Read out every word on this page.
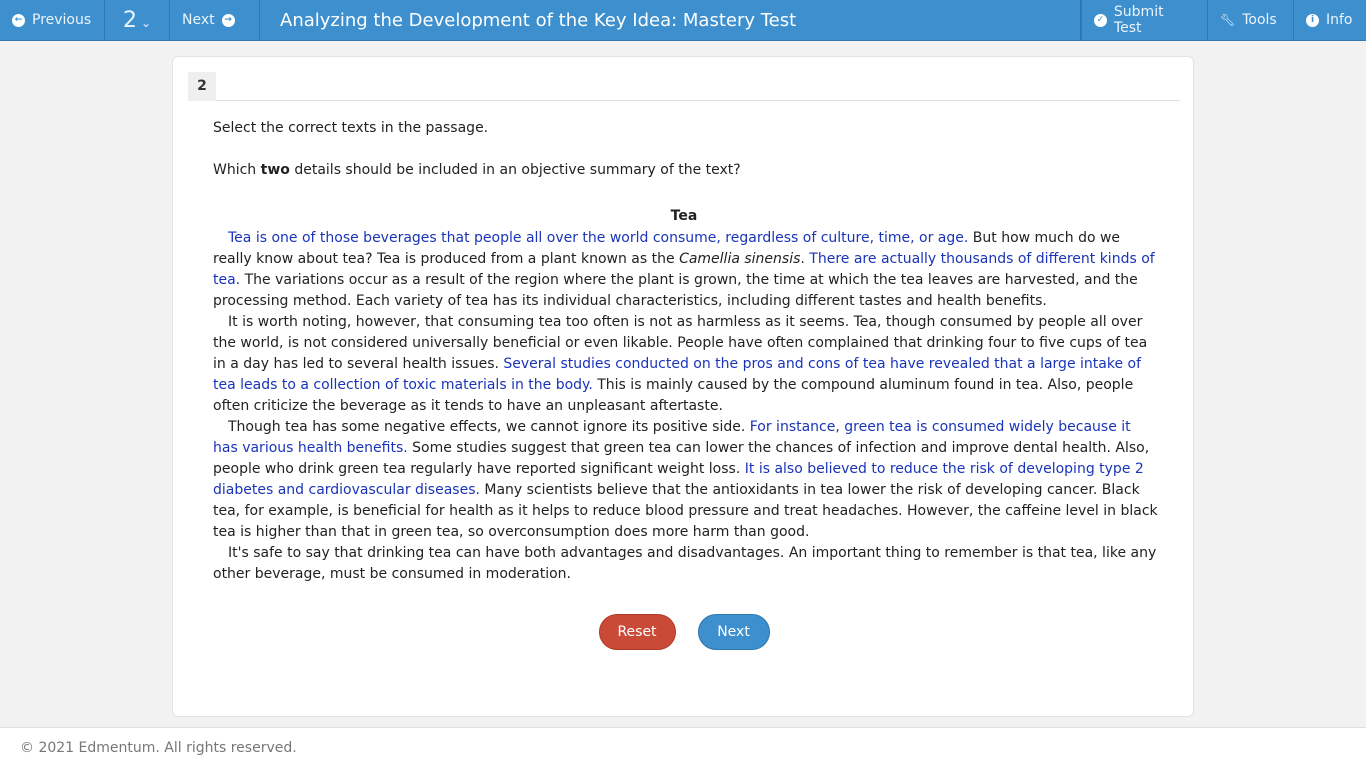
← Previous 2 ⌄ Next	→	Analyzing the Development of the Key Idea: Mastery Test	✓ Submit Test	🔧︎ Tools	i Info
2
Select the correct texts in the passage.
Which two details should be included in an objective summary of the text?
Tea

Tea is one of those beverages that people all over the world consume, regardless of culture, time, or age. But how much do we really know about tea? Tea is produced from a plant known as the Camellia sinensis. There are actually thousands of different kinds of tea. The variations occur as a result of the region where the plant is grown, the time at which the tea leaves are harvested, and the processing method. Each variety of tea has its individual characteristics, including different tastes and health benefits.

It is worth noting, however, that consuming tea too often is not as harmless as it seems. Tea, though consumed by people all over the world, is not considered universally beneficial or even likable. People have often complained that drinking four to five cups of tea in a day has led to several health issues. Several studies conducted on the pros and cons of tea have revealed that a large intake of tea leads to a collection of toxic materials in the body. This is mainly caused by the compound aluminum found in tea. Also, people often criticize the beverage as it tends to have an unpleasant aftertaste.

Though tea has some negative effects, we cannot ignore its positive side. For instance, green tea is consumed widely because it has various health benefits. Some studies suggest that green tea can lower the chances of infection and improve dental health. Also, people who drink green tea regularly have reported significant weight loss. It is also believed to reduce the risk of developing type 2 diabetes and cardiovascular diseases. Many scientists believe that the antioxidants in tea lower the risk of developing cancer. Black tea, for example, is beneficial for health as it helps to reduce blood pressure and treat headaches. However, the caffeine level in black tea is higher than that in green tea, so overconsumption does more harm than good.

It's safe to say that drinking tea can have both advantages and disadvantages. An important thing to remember is that tea, like any other beverage, must be consumed in moderation.

Reset	Next
© 2021 Edmentum. All rights reserved.
